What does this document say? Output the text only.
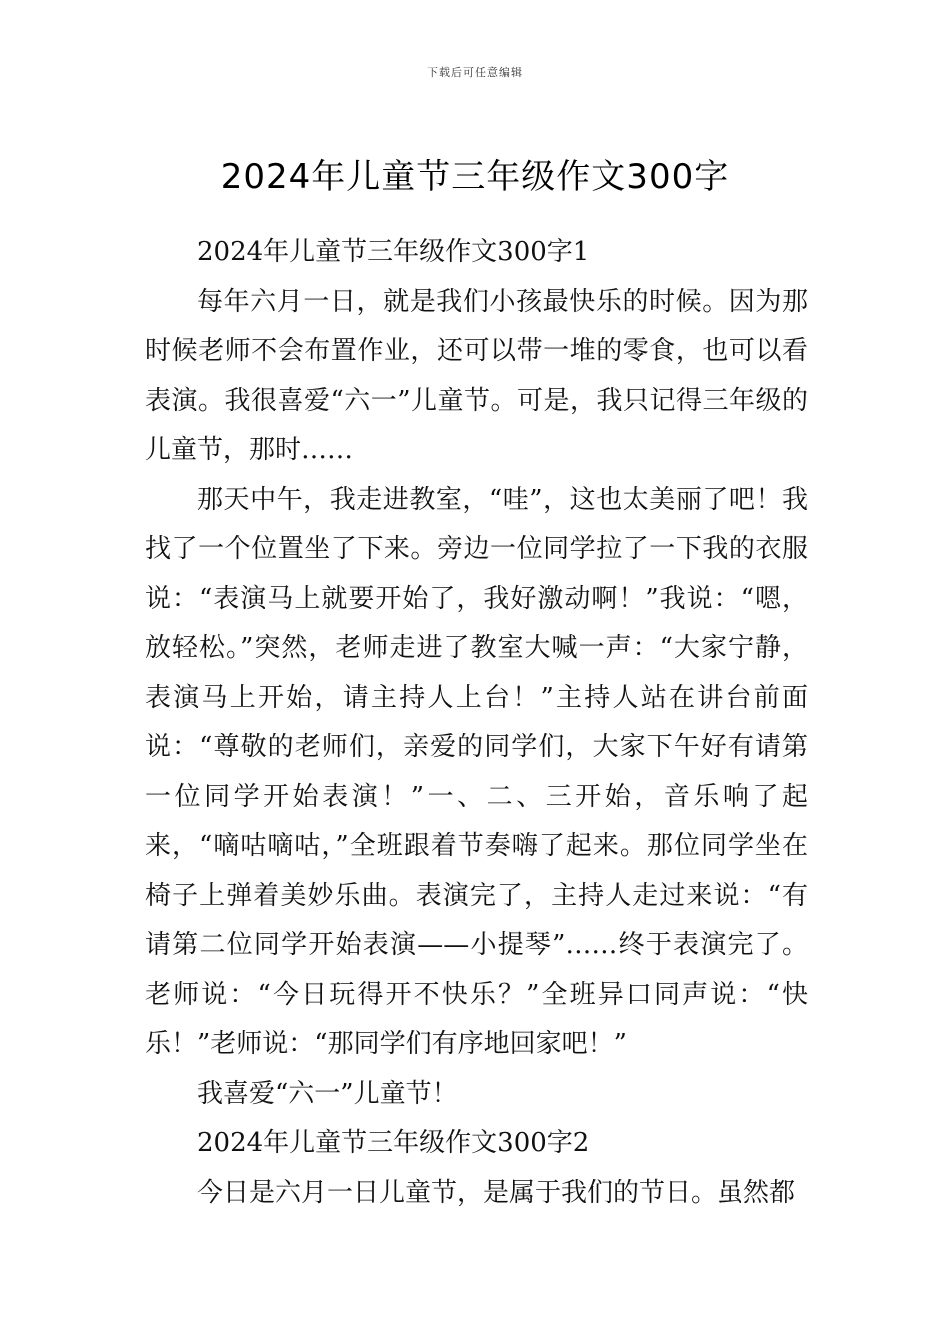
下载后可任意编辑
2024年儿童节三年级作文300字

2024年儿童节三年级作文300字1

每年六月一日，就是我们小孩最快乐的时候。因为那时候老师不会布置作业，还可以带一堆的零食，也可以看表演。我很喜爱“六一”儿童节。可是，我只记得三年级的儿童节，那时……

那天中午，我走进教室，“哇”，这也太美丽了吧！我找了一个位置坐了下来。旁边一位同学拉了一下我的衣服说：“表演马上就要开始了，我好激动啊！”我说：“嗯，放轻松。”突然，老师走进了教室大喊一声：“大家宁静，表演马上开始，请主持人上台！”主持人站在讲台前面说：“尊敬的老师们，亲爱的同学们，大家下午好有请第一位同学开始表演！”一、二、三开始，音乐响了起来，“嘀咕嘀咕，”全班跟着节奏嗨了起来。那位同学坐在椅子上弹着美妙乐曲。表演完了，主持人走过来说：“有请第二位同学开始表演——小提琴”……终于表演完了。老师说：“今日玩得开不快乐？”全班异口同声说：“快乐！”老师说：“那同学们有序地回家吧！”

我喜爱“六一”儿童节！

2024年儿童节三年级作文300字2

今日是六月一日儿童节，是属于我们的节日。虽然都
